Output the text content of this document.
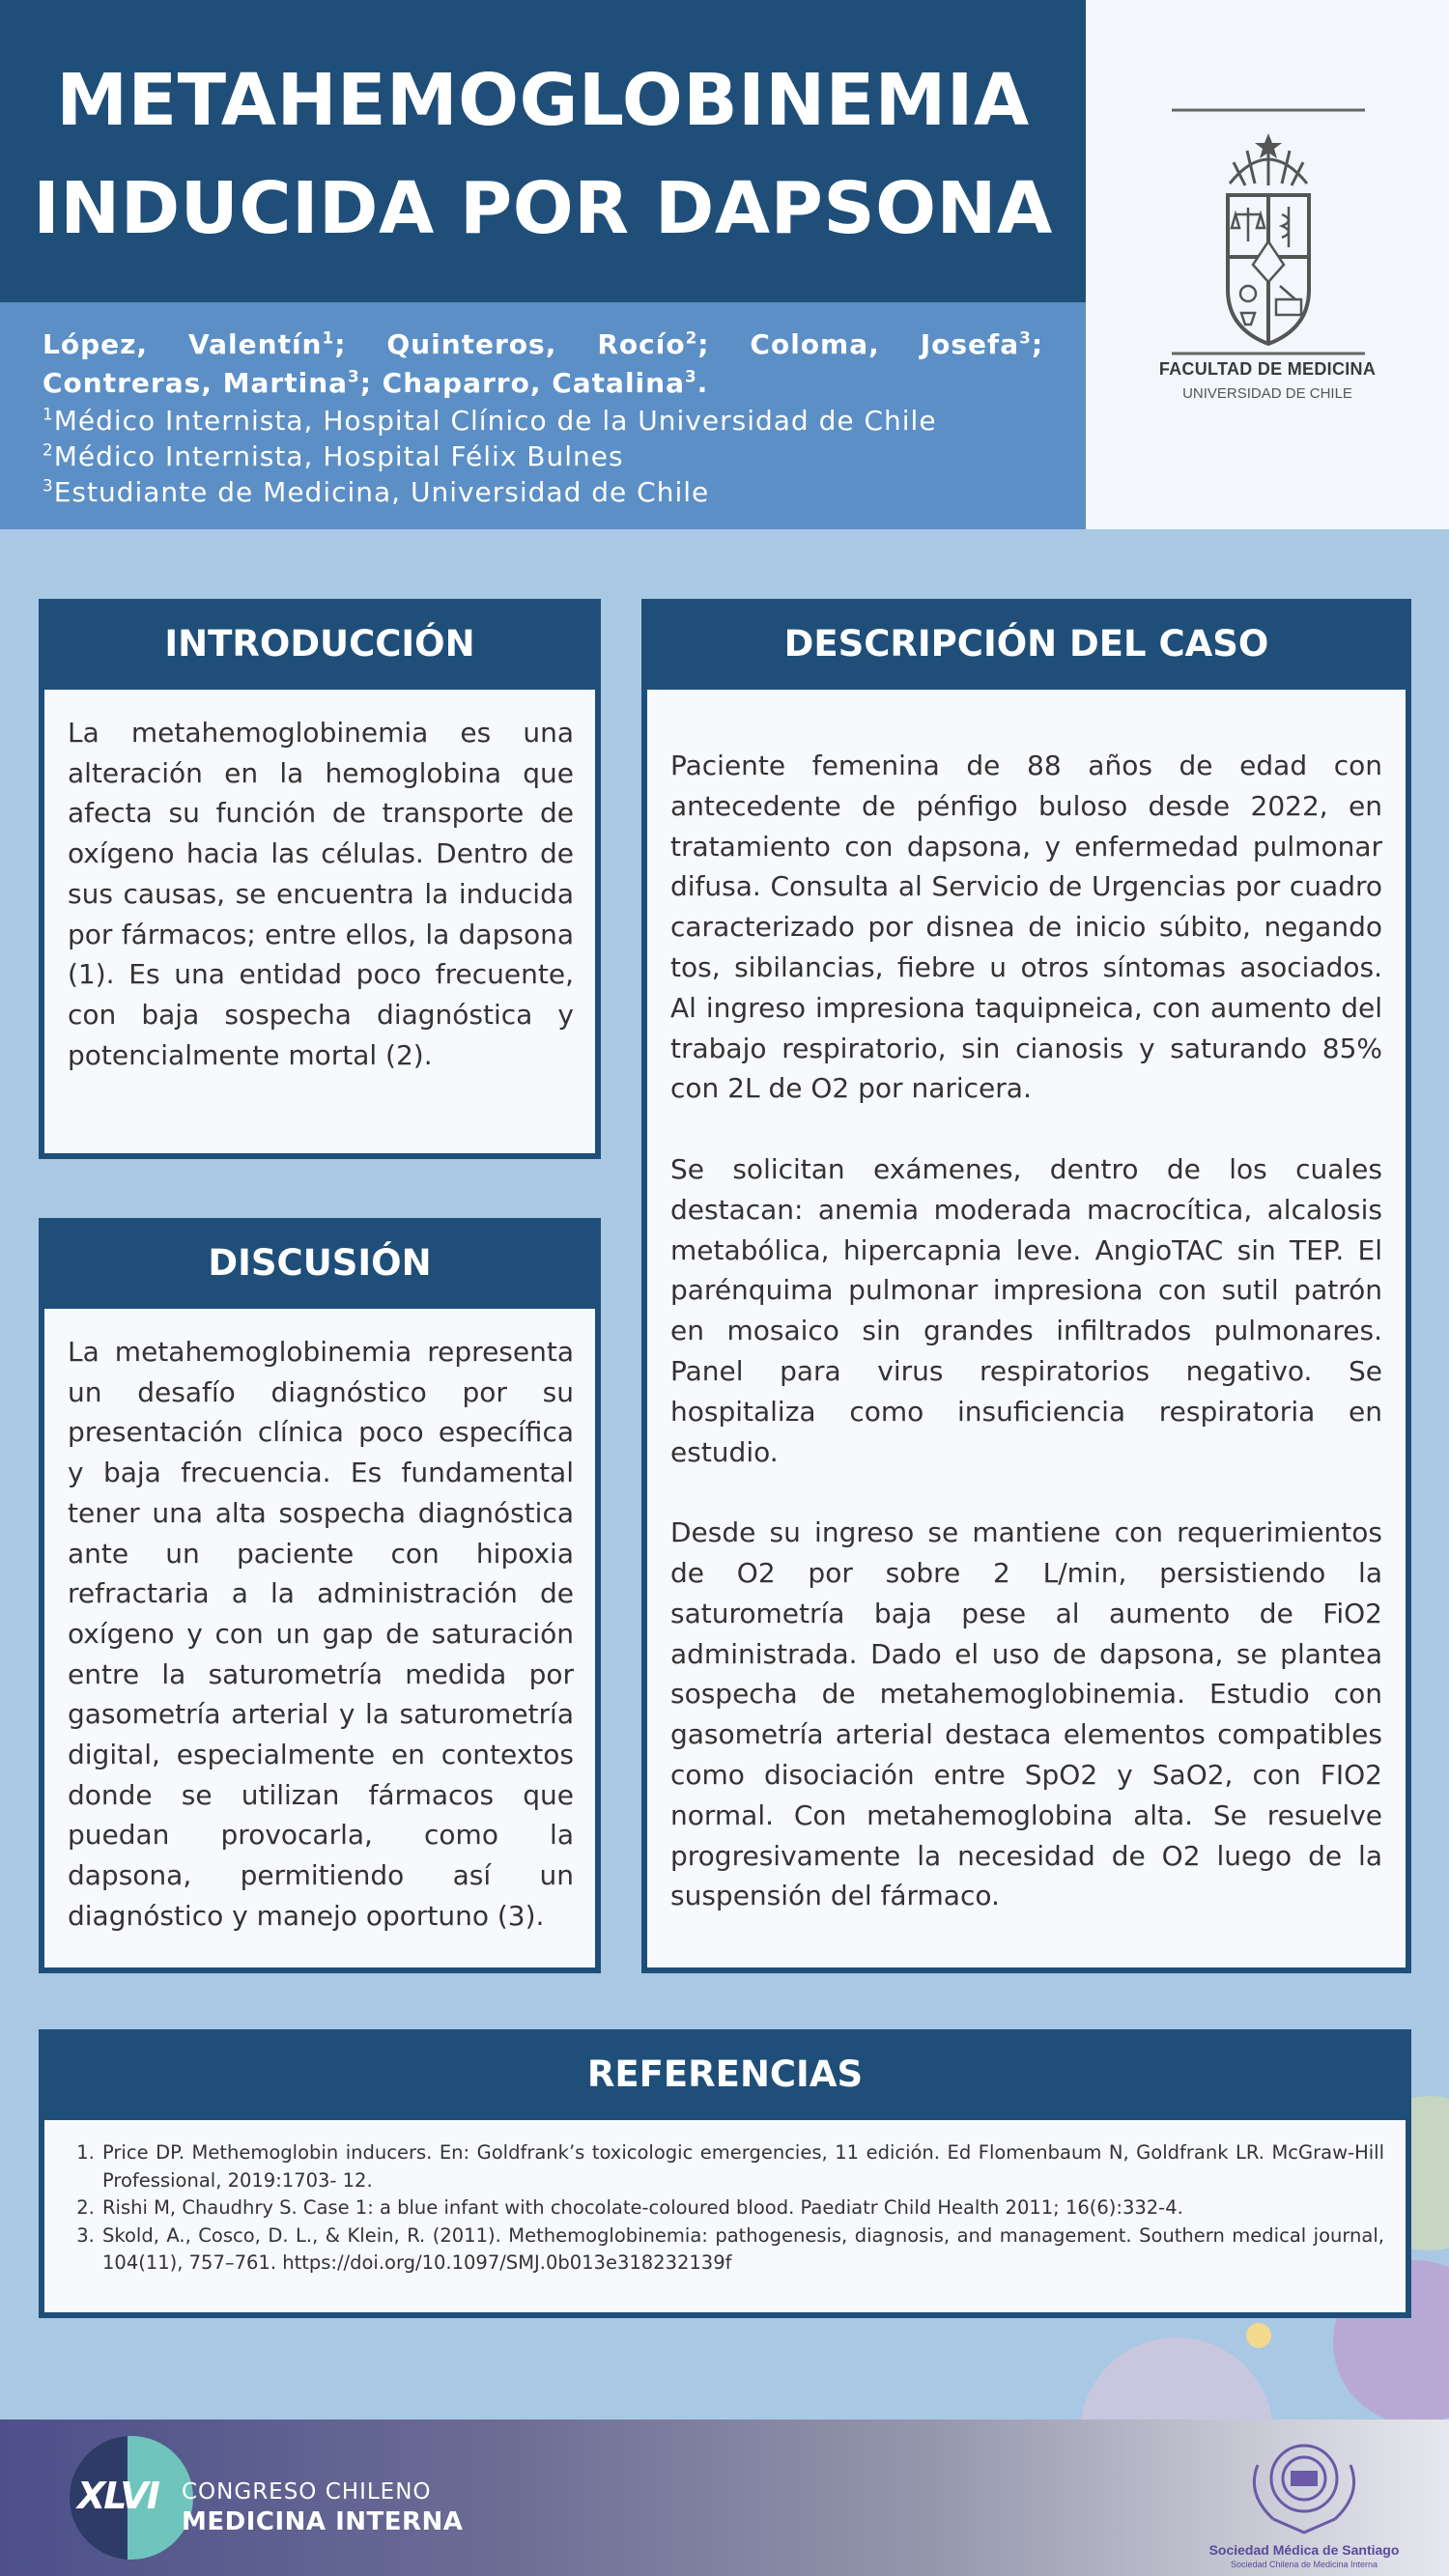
METAHEMOGLOBINEMIA
INDUCIDA POR DAPSONA
López, Valentín$^1$; Quinteros, Rocío$^2$; Coloma, Josefa$^3$; Contreras, Martina$^3$; Chaparro, Catalina$^3$.
$^1$Médico Internista, Hospital Clínico de la Universidad de Chile
$^2$Médico Internista, Hospital Félix Bulnes
$^3$Estudiante de Medicina, Universidad de Chile
FACULTAD DE MEDICINA
UNIVERSIDAD DE CHILE
INTRODUCCIÓN
La metahemoglobinemia es una alteración en la hemoglobina que afecta su función de transporte de oxígeno hacia las células. Dentro de sus causas, se encuentra la inducida por fármacos; entre ellos, la dapsona (1). Es una entidad poco frecuente, con baja sospecha diagnóstica y potencialmente mortal (2).
DISCUSIÓN
La metahemoglobinemia representa un desafío diagnóstico por su presentación clínica poco específica y baja frecuencia. Es fundamental tener una alta sospecha diagnóstica ante un paciente con hipoxia refractaria a la administración de oxígeno y con un gap de saturación entre la saturometría medida por gasometría arterial y la saturometría digital, especialmente en contextos donde se utilizan fármacos que puedan provocarla, como la dapsona, permitiendo así un diagnóstico y manejo oportuno (3).
DESCRIPCIÓN DEL CASO

Paciente femenina de 88 años de edad con antecedente de pénfigo buloso desde 2022, en tratamiento con dapsona, y enfermedad pulmonar difusa. Consulta al Servicio de Urgencias por cuadro caracterizado por disnea de inicio súbito, negando tos, sibilancias, fiebre u otros síntomas asociados. Al ingreso impresiona taquipneica, con aumento del trabajo respiratorio, sin cianosis y saturando 85% con 2L de O2 por naricera.

Se solicitan exámenes, dentro de los cuales destacan: anemia moderada macrocítica, alcalosis metabólica, hipercapnia leve. AngioTAC sin TEP. El parénquima pulmonar impresiona con sutil patrón en mosaico sin grandes infiltrados pulmonares. Panel para virus respiratorios negativo. Se hospitaliza como insuficiencia respiratoria en estudio.

Desde su ingreso se mantiene con requerimientos de O2 por sobre 2 L/min, persistiendo la saturometría baja pese al aumento de FiO2 administrada. Dado el uso de dapsona, se plantea sospecha de metahemoglobinemia. Estudio con gasometría arterial destaca elementos compatibles como disociación entre SpO2 y SaO2, con FIO2 normal. Con metahemoglobina alta. Se resuelve progresivamente la necesidad de O2 luego de la suspensión del fármaco.

REFERENCIAS
1. Price DP. Methemoglobin inducers. En: Goldfrank’s toxicologic emergencies, 11 edición. Ed Flomenbaum N, Goldfrank LR. McGraw-Hill Professional, 2019:1703- 12.
2. Rishi M, Chaudhry S. Case 1: a blue infant with chocolate-coloured blood. Paediatr Child Health 2011; 16(6):332-4.
3. Skold, A., Cosco, D. L., & Klein, R. (2011). Methemoglobinemia: pathogenesis, diagnosis, and management. Southern medical journal, 104(11), 757–761. https://doi.org/10.1097/SMJ.0b013e318232139f
XLVI CONGRESO CHILENO
MEDICINA INTERNA
Sociedad Médica de Santiago
Sociedad Chilena de Medicina Interna
